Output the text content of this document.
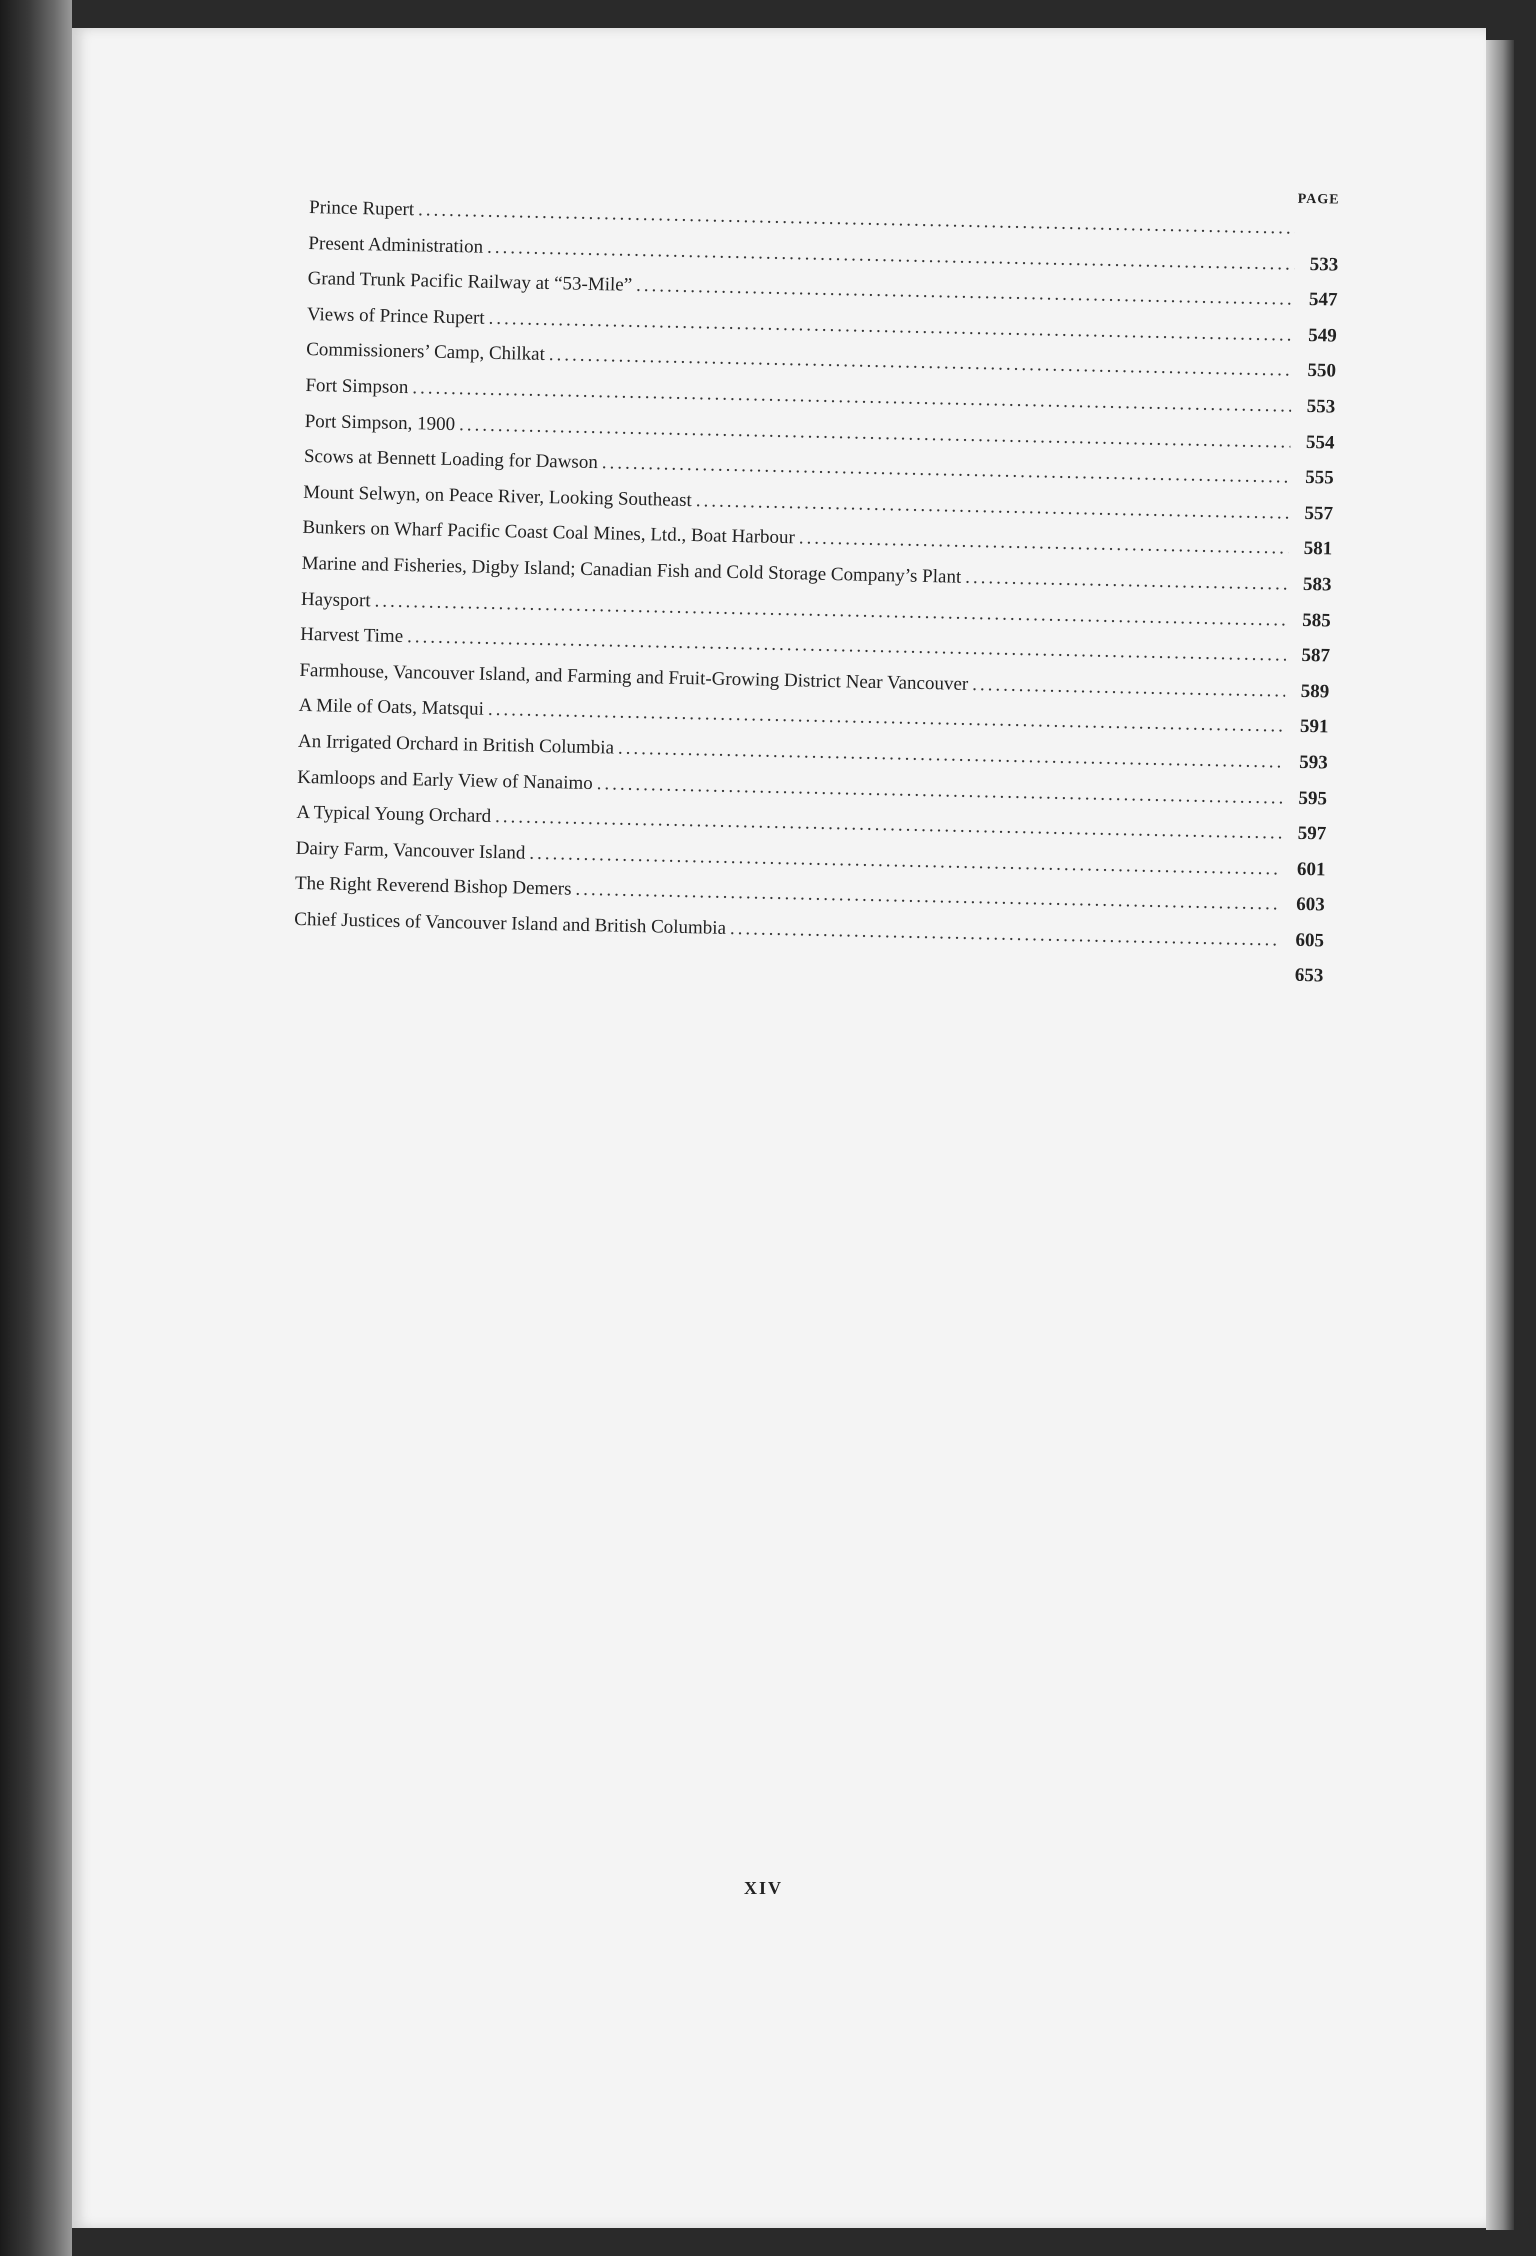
PAGE
Prince Rupert
.....
Present Administration
.....
533
Grand Trunk Pacific Railway at “53-Mile”
.....
547
Views of Prince Rupert
.....
549
Commissioners’ Camp, Chilkat
.....
550
Fort Simpson
.....
553
Port Simpson, 1900
.....
554
Scows at Bennett Loading for Dawson
.....
555
Mount Selwyn, on Peace River, Looking Southeast
.....
557
Bunkers on Wharf Pacific Coast Coal Mines, Ltd., Boat Harbour
.....
581
Marine and Fisheries, Digby Island; Canadian Fish and Cold Storage Company’s Plant .....	583
Haysport
.....
585
Harvest Time
.....
587
Farmhouse, Vancouver Island, and Farming and Fruit-Growing District Near Vancouver .....	589
A Mile of Oats, Matsqui
.....
591
An Irrigated Orchard in British Columbia
.....
593
Kamloops and Early View of Nanaimo
.....
595
A Typical Young Orchard
.....
597
Dairy Farm, Vancouver Island
.....
601
The Right Reverend Bishop Demers
.....
603
Chief Justices of Vancouver Island and British Columbia
.....
605
653
XIV
